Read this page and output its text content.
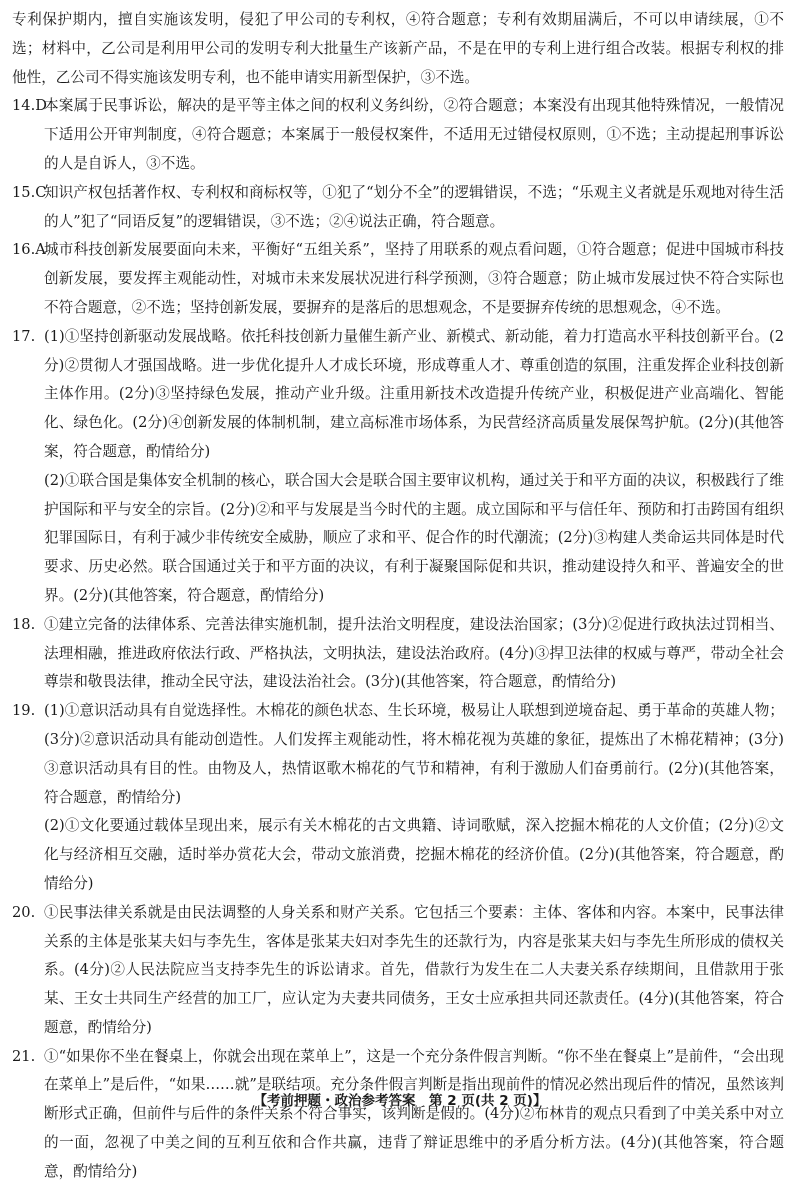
专利保护期内，擅自实施该发明，侵犯了甲公司的专利权，④符合题意；专利有效期届满后，不可以申请续展，①不选；材料中，乙公司是利用甲公司的发明专利大批量生产该新产品，不是在甲的专利上进行组合改装。根据专利权的排他性，乙公司不得实施该发明专利，也不能申请实用新型保护，③不选。

14.D

本案属于民事诉讼，解决的是平等主体之间的权利义务纠纷，②符合题意；本案没有出现其他特殊情况，一般情况下适用公开审判制度，④符合题意；本案属于一般侵权案件，不适用无过错侵权原则，①不选；主动提起刑事诉讼的人是自诉人，③不选。

15.C

知识产权包括著作权、专利权和商标权等，①犯了“划分不全”的逻辑错误，不选；“乐观主义者就是乐观地对待生活的人”犯了“同语反复”的逻辑错误，③不选；②④说法正确，符合题意。

16.A

城市科技创新发展要面向未来，平衡好“五组关系”，坚持了用联系的观点看问题，①符合题意；促进中国城市科技创新发展，要发挥主观能动性，对城市未来发展状况进行科学预测，③符合题意；防止城市发展过快不符合实际也不符合题意，②不选；坚持创新发展，要摒弃的是落后的思想观念，不是要摒弃传统的思想观念，④不选。

17. (1)①坚持创新驱动发展战略。依托科技创新力量催生新产业、新模式、新动能，着力打造高水平科技创新平台。(2分)②贯彻人才强国战略。进一步优化提升人才成长环境，形成尊重人才、尊重创造的氛围，注重发挥企业科技创新主体作用。(2分)③坚持绿色发展，推动产业升级。注重用新技术改造提升传统产业，积极促进产业高端化、智能化、绿色化。(2分)④创新发展的体制机制，建立高标准市场体系，为民营经济高质量发展保驾护航。(2分)(其他答案，符合题意，酌情给分)

(2)①联合国是集体安全机制的核心，联合国大会是联合国主要审议机构，通过关于和平方面的决议，积极践行了维护国际和平与安全的宗旨。(2分)②和平与发展是当今时代的主题。成立国际和平与信任年、预防和打击跨国有组织犯罪国际日，有利于减少非传统安全威胁，顺应了求和平、促合作的时代潮流；(2分)③构建人类命运共同体是时代要求、历史必然。联合国通过关于和平方面的决议，有利于凝聚国际促和共识，推动建设持久和平、普遍安全的世界。(2分)(其他答案，符合题意，酌情给分)

18. ①建立完备的法律体系、完善法律实施机制，提升法治文明程度，建设法治国家；(3分)②促进行政执法过罚相当、法理相融，推进政府依法行政、严格执法，文明执法，建设法治政府。(4分)③捍卫法律的权威与尊严，带动全社会尊崇和敬畏法律，推动全民守法，建设法治社会。(3分)(其他答案，符合题意，酌情给分)

19. (1)①意识活动具有自觉选择性。木棉花的颜色状态、生长环境，极易让人联想到逆境奋起、勇于革命的英雄人物；(3分)②意识活动具有能动创造性。人们发挥主观能动性，将木棉花视为英雄的象征，提炼出了木棉花精神；(3分)③意识活动具有目的性。由物及人，热情讴歌木棉花的气节和精神，有利于激励人们奋勇前行。(2分)(其他答案，符合题意，酌情给分)

(2)①文化要通过载体呈现出来，展示有关木棉花的古文典籍、诗词歌赋，深入挖掘木棉花的人文价值；(2分)②文化与经济相互交融，适时举办赏花大会，带动文旅消费，挖掘木棉花的经济价值。(2分)(其他答案，符合题意，酌情给分)

20. ①民事法律关系就是由民法调整的人身关系和财产关系。它包括三个要素：主体、客体和内容。本案中，民事法律关系的主体是张某夫妇与李先生，客体是张某夫妇对李先生的还款行为，内容是张某夫妇与李先生所形成的债权关系。(4分)②人民法院应当支持李先生的诉讼请求。首先，借款行为发生在二人夫妻关系存续期间，且借款用于张某、王女士共同生产经营的加工厂，应认定为夫妻共同债务，王女士应承担共同还款责任。(4分)(其他答案，符合题意，酌情给分)

21. ①“如果你不坐在餐桌上，你就会出现在菜单上”，这是一个充分条件假言判断。“你不坐在餐桌上”是前件，“会出现在菜单上”是后件，“如果……就”是联结项。充分条件假言判断是指出现前件的情况必然出现后件的情况，虽然该判断形式正确，但前件与后件的条件关系不符合事实，该判断是假的。(4分)②布林肯的观点只看到了中美关系中对立的一面，忽视了中美之间的互利互依和合作共赢，违背了辩证思维中的矛盾分析方法。(4分)(其他答案，符合题意，酌情给分)

【考前押题・政治参考答案　第 2 页(共 2 页)】
